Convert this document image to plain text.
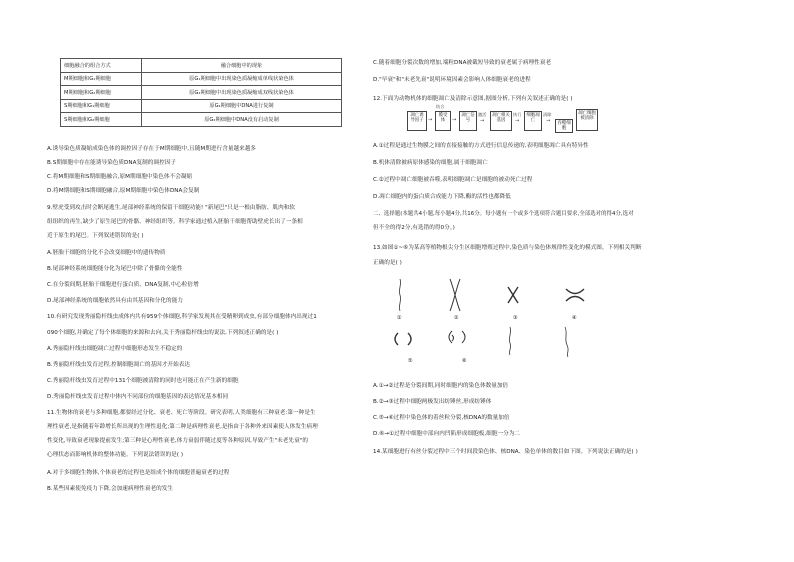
细胞融合的组合方式	融合细胞中的现象
M期细胞和G₁期细胞	原G₁期细胞中出现染色质凝缩成单线状染色体
M期细胞和G₂期细胞	原G₂期细胞中出现染色质凝缩成双线状染色体
S期细胞和G₁期细胞	原G₁期细胞中DNA进行复制
S期细胞和G₂期细胞	原G₂期细胞中DNA没有启动复制
A.诱导染色质凝缩成染色体的调控因子存在于M期细胞中,且随M期进行含量越来越多
B.S期细胞中存在能诱导染色质DNA复制的调控因子
C.将M期细胞和S期细胞融合,原M期细胞中染色体不会凝缩
D.将M期细胞和S期细胞融合,原M期细胞中染色体DNA会复制
9.壁虎受到攻击时会断尾逃生,尾部神经系统的保留干细胞功能! "新尾巴"只是一根由脂肪、肌肉和软
组组织的再生,缺少了原生尾巴的骨骼、神经组织等。科学家通过植入胚胎干细胞帮助壁虎长出了一条相
近于原生的尾巴。下列叙述错误的是( )
A.胚胎干细胞的分化不会改变细胞中的遗传物质
B.尾部神经系统细胞能分化为尾巴中除了骨骼的全能性
C.在分裂间期,胚胎干细胞进行蛋白质、DNA复制,中心粒倍增
D.尾部神经系统的细胞依然具有由其基因和分化的能力
10.有研究发现秀丽隐杆线虫成体内共有959个体细胞,科学家发现其在受精卵到成虫,有部分细胞体内出现过1
090个细胞,并确定了每个体细胞的来源和去向,关于秀丽隐杆线虫的说法,下列叙述正确的是( )
A.秀丽隐杆线虫细胞凋亡过程中细胞形态发生不稳定的
B.秀丽隐杆线虫发育过程,控制细胞凋亡的基因才开始表达
C.秀丽隐杆线虫发育过程中131个细胞被清除的同时也可能正在产生新的细胞
D.秀丽隐杆线虫发育过程中体内不同部位的细胞基因的表达情况基本相同
11.生物体的衰老与多种细胞,都要经过分化、衰老、死亡等阶段。研究表明,人类细胞有三种衰老:第一种是生
理性衰老,是指随着年龄增长所出现的生理性退化;第二种是病理性衰老,是指由于各种外来因素使人体发生病理
性变化,导致衰老现象提前发生;第三种是心理性衰老,体力衰弱伴随过度等各种原因,导致产生"未老先衰"的
心理状态而影响机体的整体功能。下列说法错误的是( )
A.对于多细胞生物体,个体衰老的过程也是组成个体的细胞普遍衰老的过程
B.某些因素使免疫力下降,会加速病理性衰老的发生
C.随着细胞分裂次数的增加,端粒DNA被截短导致的衰老属于病理性衰老
D."早衰"和"未老先衰"说明环境因素会影响人体细胞衰老的进程
12.下面为动物机体的细胞凋亡及清除示意图,据图分析,下列有关叙述正确的是( )
凋亡诱导因子 →
膜受体
结合
→
凋亡信号
激活
→
凋亡相关基因
执行
→
细胞凋亡
清除
→	吞噬细胞
凋亡细胞被清除
A.①过程是通过生物膜之间的直接接触的方式进行信息传递的,表明细胞凋亡具有特异性
B.机体清除被病原体感染的细胞,属于细胞凋亡
C.②过程中凋亡细胞被吞噬,表明细胞凋亡是细胞的被动死亡过程
D.凋亡细胞内的蛋白质合成能力下降,酶的活性也都降低
二、选择题(本题共4小题,每小题4分,共16分。每小题有一个或多个选项符合题目要求,全部选对的得4分,选对
但不全的得2分,有选错的得0分。)
13.如图①~⑥为某高等植物根尖分生区细胞增殖过程中,染色质与染色体规律性变化的模式图。下列相关判断
正确的是( )
①	②	③	④
⑤	⑥
A.①→②过程是分裂间期,同时细胞内的染色体数量加倍
B.②→③过程中细胞两极发出纺锤丝,形成纺锤体
C.⑤→⑥过程中染色体的着丝粒分裂,核DNA的数量加倍
D.⑥→①过程中细胞中部向内凹陷形成细胞板,细胞一分为二
14.某细胞进行有丝分裂过程中三个时间段染色体、核DNA、染色单体的数目如下图。下列说法正确的是( )
